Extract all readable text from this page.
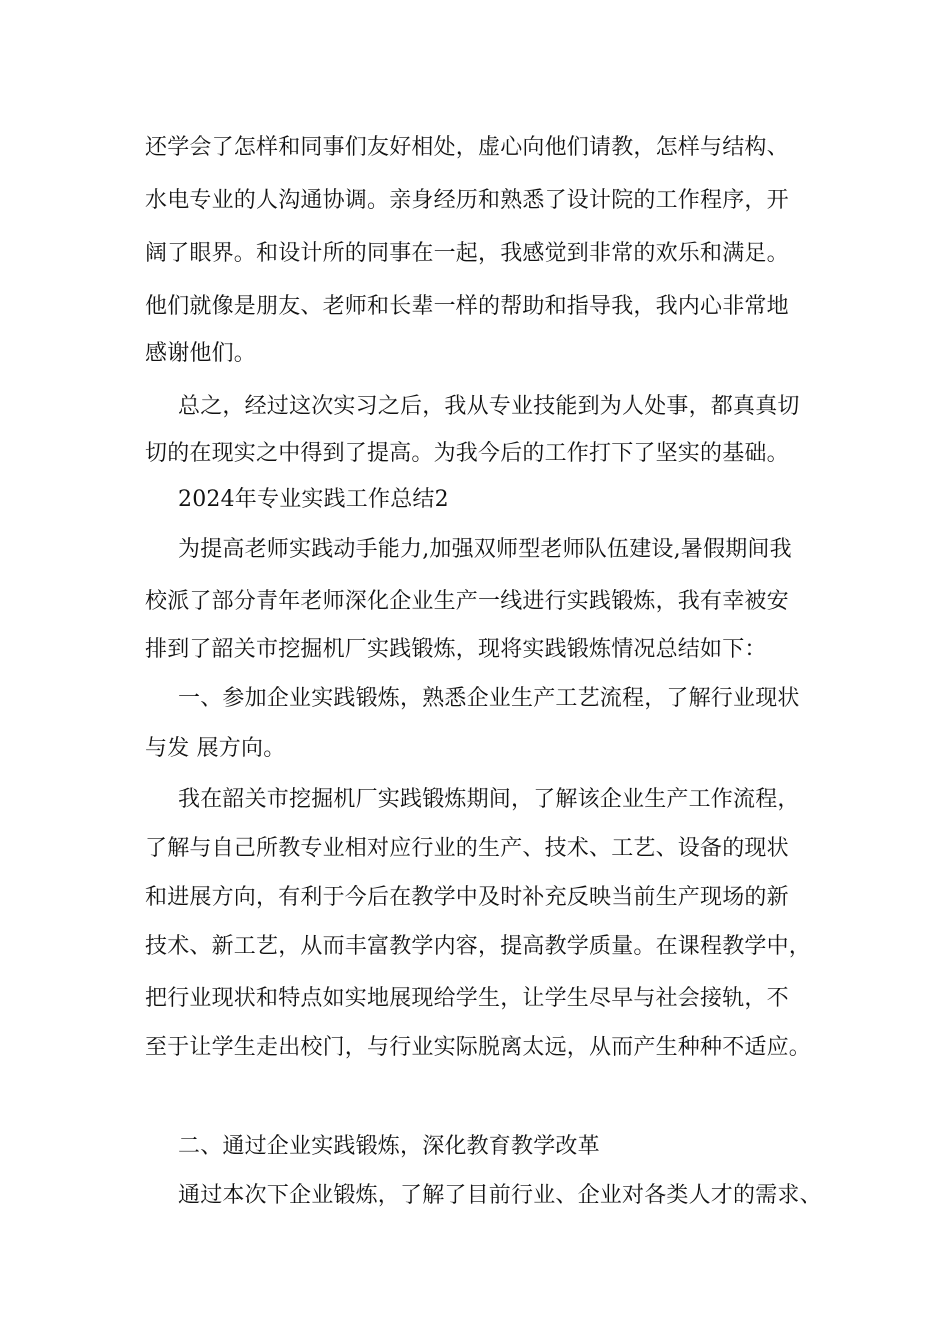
还学会了怎样和同事们友好相处，虚心向他们请教，怎样与结构、

水电专业的人沟通协调。亲身经历和熟悉了设计院的工作程序，开

阔了眼界。和设计所的同事在一起，我感觉到非常的欢乐和满足。

他们就像是朋友、老师和长辈一样的帮助和指导我，我内心非常地

感谢他们。

总之，经过这次实习之后，我从专业技能到为人处事，都真真切

切的在现实之中得到了提高。为我今后的工作打下了坚实的基础。

2024年专业实践工作总结2

为提高老师实践动手能力,加强双师型老师队伍建设,暑假期间我

校派了部分青年老师深化企业生产一线进行实践锻炼，我有幸被安

排到了韶关市挖掘机厂实践锻炼，现将实践锻炼情况总结如下：

一、参加企业实践锻炼，熟悉企业生产工艺流程，了解行业现状

与发 展方向。

我在韶关市挖掘机厂实践锻炼期间，了解该企业生产工作流程，

了解与自己所教专业相对应行业的生产、技术、工艺、设备的现状

和进展方向，有利于今后在教学中及时补充反映当前生产现场的新

技术、新工艺，从而丰富教学内容，提高教学质量。在课程教学中，

把行业现状和特点如实地展现给学生，让学生尽早与社会接轨，不

至于让学生走出校门，与行业实际脱离太远，从而产生种种不适应。

二、通过企业实践锻炼，深化教育教学改革

通过本次下企业锻炼，了解了目前行业、企业对各类人才的需求、
